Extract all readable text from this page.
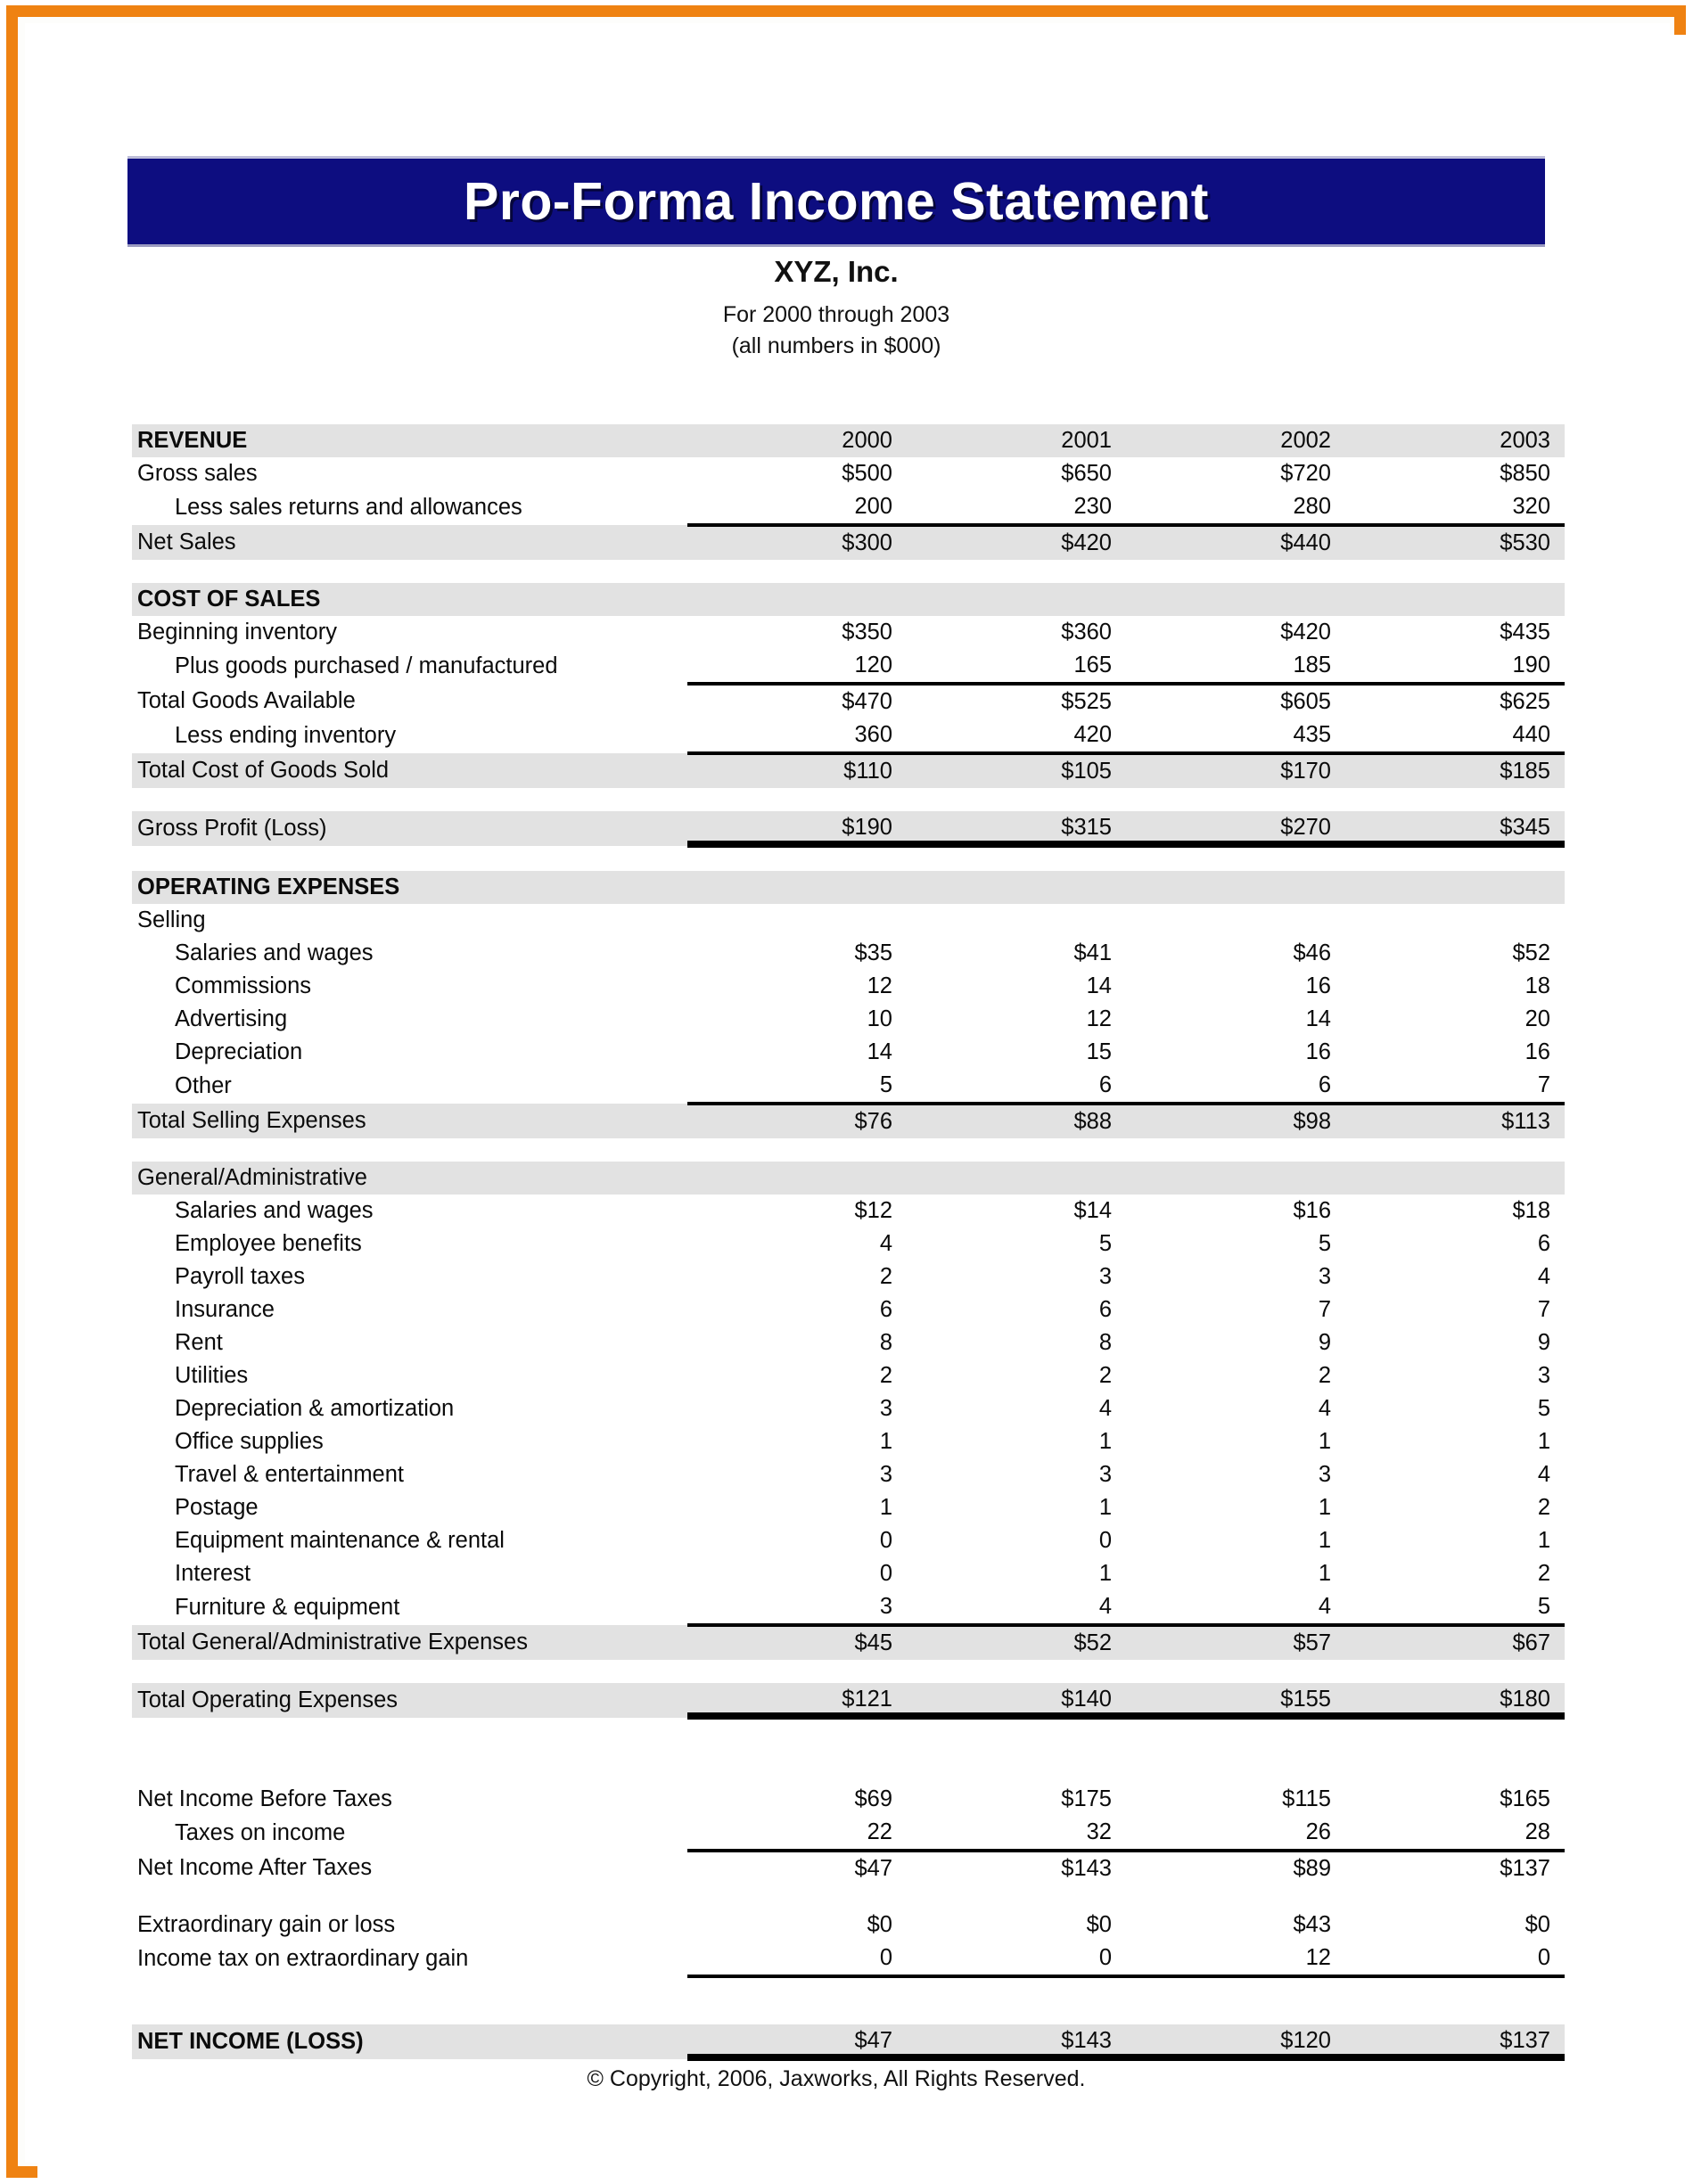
Pro-Forma Income Statement
XYZ, Inc.
For 2000 through 2003
(all numbers in $000)
REVENUE	2000	2001	2002	2003
Gross sales	$500	$650	$720	$850
Less sales returns and allowances	200	230	280	320
Net Sales	$300	$420	$440	$530

COST OF SALES				
Beginning inventory	$350	$360	$420	$435
Plus goods purchased / manufactured	120	165	185	190
Total Goods Available	$470	$525	$605	$625
Less ending inventory	360	420	435	440
Total Cost of Goods Sold	$110	$105	$170	$185

Gross Profit (Loss)	$190	$315	$270	$345

OPERATING EXPENSES				
Selling				
Salaries and wages	$35	$41	$46	$52
Commissions	12	14	16	18
Advertising	10	12	14	20
Depreciation	14	15	16	16
Other	5	6	6	7
Total Selling Expenses	$76	$88	$98	$113

General/Administrative				
Salaries and wages	$12	$14	$16	$18
Employee benefits	4	5	5	6
Payroll taxes	2	3	3	4
Insurance	6	6	7	7
Rent	8	8	9	9
Utilities	2	2	2	3
Depreciation & amortization	3	4	4	5
Office supplies	1	1	1	1
Travel & entertainment	3	3	3	4
Postage	1	1	1	2
Equipment maintenance & rental	0	0	1	1
Interest	0	1	1	2
Furniture & equipment	3	4	4	5
Total General/Administrative Expenses	$45	$52	$57	$67

Total Operating Expenses	$121	$140	$155	$180

Net Income Before Taxes	$69	$175	$115	$165
Taxes on income	22	32	26	28
Net Income After Taxes	$47	$143	$89	$137

Extraordinary gain or loss	$0	$0	$43	$0
Income tax on extraordinary gain	0	0	12	0

NET INCOME (LOSS)	$47	$143	$120	$137
© Copyright, 2006, Jaxworks, All Rights Reserved.
